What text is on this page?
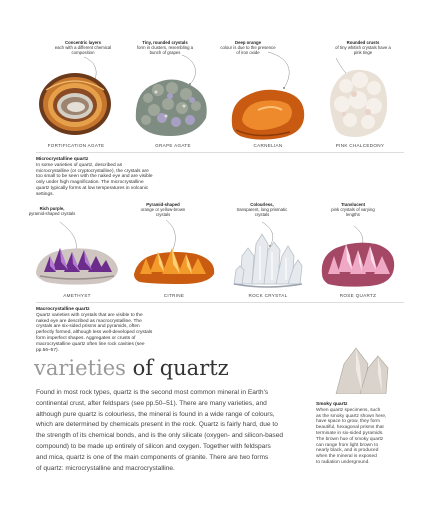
Concentric layers
each with a different chemical composition
Tiny, rounded crystals
form in clusters, resembling a bunch of grapes
Deep orange
colour is due to the presence of iron oxide
Rounded crusts
of tiny whitish crystals have a pink tinge
FORTIFICATION AGATE	GRAPE AGATE	CARNELIAN	PINK CHALCEDONY
Microcrystalline quartz
In some varieties of quartz, described as microcrystalline (or cryptocrystalline), the crystals are too small to be seen with the naked eye and are visible only under high magnification. The microcrystalline quartz typically forms at low temperatures in volcanic settings.
Rich purple,
pyramid-shaped crystals
Pyramid-shaped
orange or yellow-brown crystals
Colourless,
transparent, long prismatic crystals
Translucent
pink crystals of varying lengths
AMETHYST	CITRINE	ROCK CRYSTAL	ROSE QUARTZ
Macrocrystalline quartz
Quartz varieties with crystals that are visible to the naked eye are described as macrocrystalline. The crystals are six-sided prisms and pyramids, often perfectly formed, although less well-developed crystals form imperfect shapes. Aggregates or crusts of macrocrystalline quartz often line rock cavities (see pp.56–57).
varieties of quartz
Found in most rock types, quartz is the second most common mineral in Earth's
continental crust, after feldspars (see pp.50–51). There are many varieties, and
although pure quartz is colourless, the mineral is found in a wide range of colours,
which are determined by chemicals present in the rock. Quartz is fairly hard, due to
the strength of its chemical bonds, and is the only silicate (oxygen- and silicon-based
compound) to be made up entirely of silicon and oxygen. Together with feldspars
and mica, quartz is one of the main components of granite. There are two forms
of quartz: microcrystalline and macrocrystalline.
Smoky quartz
When quartz specimens, such
as the smoky quartz shown here,
have space to grow, they form
beautiful, hexagonal prisms that
terminate in six-sided pyramids.
The brown hue of smoky quartz
can range from light brown to
nearly black, and is produced
when the mineral is exposed
to radiation underground.
